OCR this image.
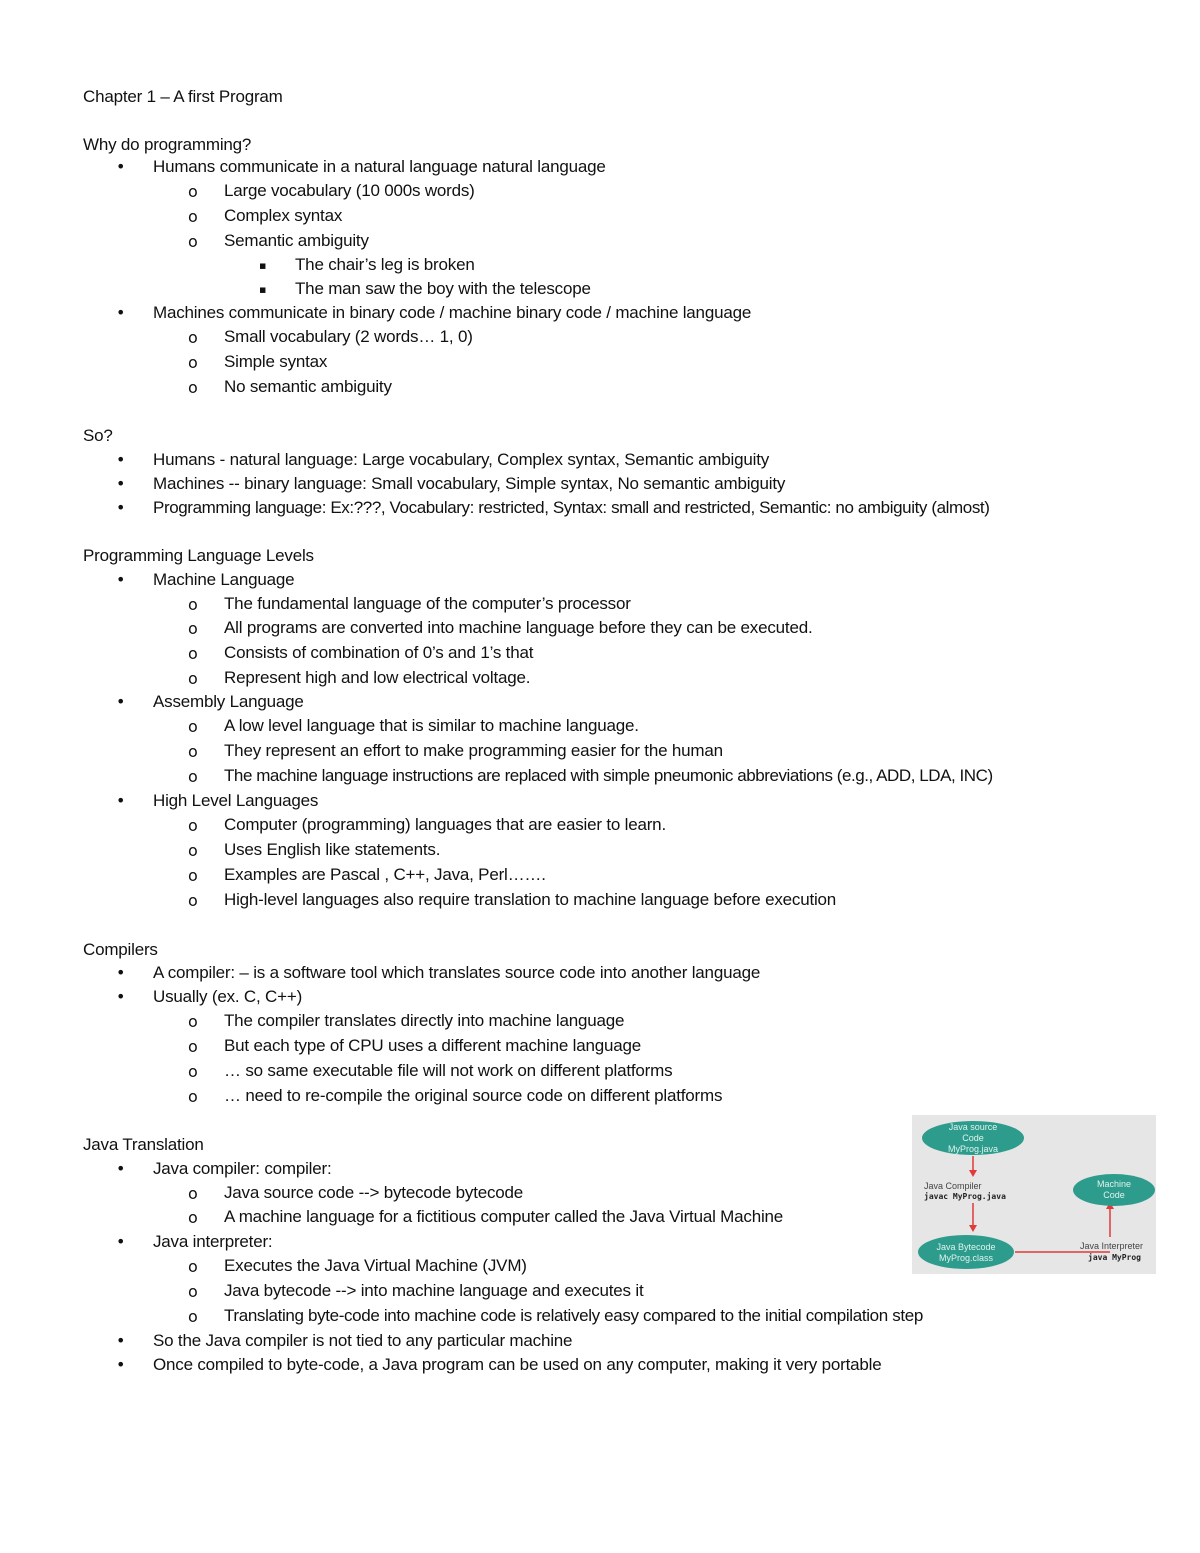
Chapter 1 – A first Program
Why do programming?
• Humans communicate in a natural language natural language
o Large vocabulary (10 000s words)
o Complex syntax
o Semantic ambiguity
▪ The chair’s leg is broken
▪ The man saw the boy with the telescope
• Machines communicate in binary code / machine binary code / machine language
o Small vocabulary (2 words… 1, 0)
o Simple syntax
o No semantic ambiguity
So?
• Humans - natural language: Large vocabulary, Complex syntax, Semantic ambiguity
• Machines -- binary language: Small vocabulary, Simple syntax, No semantic ambiguity
• Programming language: Ex:???, Vocabulary: restricted, Syntax: small and restricted, Semantic: no ambiguity (almost)
Programming Language Levels
• Machine Language
o The fundamental language of the computer’s processor
o All programs are converted into machine language before they can be executed.
o Consists of combination of 0’s and 1’s that
o Represent high and low electrical voltage.
• Assembly Language
o A low level language that is similar to machine language.
o They represent an effort to make programming easier for the human
o The machine language instructions are replaced with simple pneumonic abbreviations (e.g., ADD, LDA, INC)
• High Level Languages
o Computer (programming) languages that are easier to learn.
o Uses English like statements.
o Examples are Pascal , C++, Java, Perl…….
o High-level languages also require translation to machine language before execution
Compilers
• A compiler: – is a software tool which translates source code into another language
• Usually (ex. C, C++)
o The compiler translates directly into machine language
o But each type of CPU uses a different machine language
o … so same executable file will not work on different platforms
o … need to re-compile the original source code on different platforms
Java Translation
• Java compiler: compiler:
o Java source code --> bytecode bytecode
o A machine language for a fictitious computer called the Java Virtual Machine
• Java interpreter:
o Executes the Java Virtual Machine (JVM)
o Java bytecode --> into machine language and executes it
o Translating byte-code into machine code is relatively easy compared to the initial compilation step
• So the Java compiler is not tied to any particular machine
• Once compiled to byte-code, a Java program can be used on any computer, making it very portable
Java source
Code
MyProg.java
Java Compiler
javac MyProg.java
Java Bytecode
MyProg.class
Java Interpreter
java MyProg
Machine
Code
